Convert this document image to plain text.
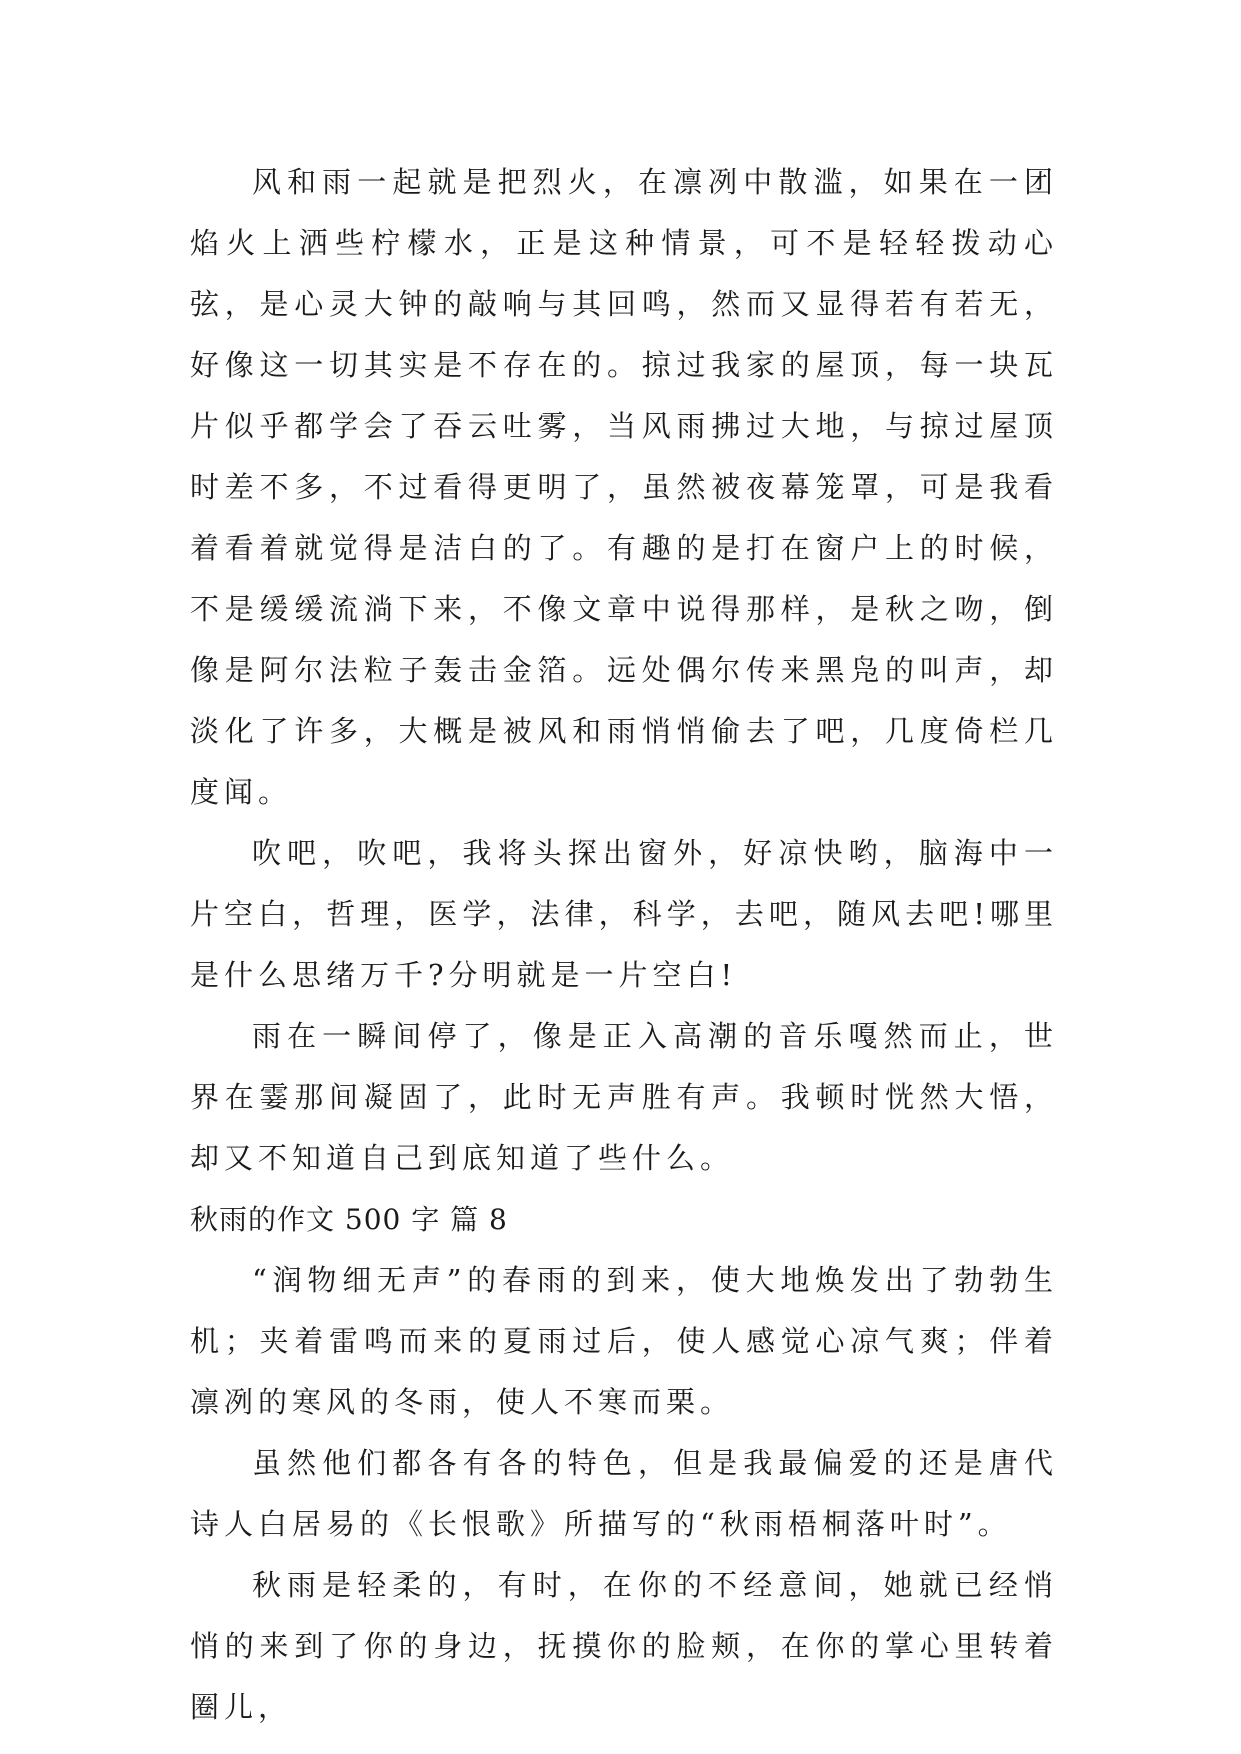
风和雨一起就是把烈火，在凛冽中散滥，如果在一团焰火上洒些柠檬水，正是这种情景，可不是轻轻拨动心弦，是心灵大钟的敲响与其回鸣，然而又显得若有若无，好像这一切其实是不存在的。掠过我家的屋顶，每一块瓦片似乎都学会了吞云吐雾，当风雨拂过大地，与掠过屋顶时差不多，不过看得更明了，虽然被夜幕笼罩，可是我看着看着就觉得是洁白的了。有趣的是打在窗户上的时候，不是缓缓流淌下来，不像文章中说得那样，是秋之吻，倒像是阿尔法粒子轰击金箔。远处偶尔传来黑凫的叫声，却淡化了许多，大概是被风和雨悄悄偷去了吧，几度倚栏几度闻。

吹吧，吹吧，我将头探出窗外，好凉快哟，脑海中一片空白，哲理，医学，法律，科学，去吧，随风去吧!哪里是什么思绪万千?分明就是一片空白!

雨在一瞬间停了，像是正入高潮的音乐嘎然而止，世界在霎那间凝固了，此时无声胜有声。我顿时恍然大悟，却又不知道自己到底知道了些什么。

秋雨的作文 500 字 篇 8

“润物细无声”的春雨的到来，使大地焕发出了勃勃生机；夹着雷鸣而来的夏雨过后，使人感觉心凉气爽；伴着凛冽的寒风的冬雨，使人不寒而栗。

虽然他们都各有各的特色，但是我最偏爱的还是唐代诗人白居易的《长恨歌》所描写的“秋雨梧桐落叶时”。

秋雨是轻柔的，有时，在你的不经意间，她就已经悄悄的来到了你的身边，抚摸你的脸颊，在你的掌心里转着圈儿，
